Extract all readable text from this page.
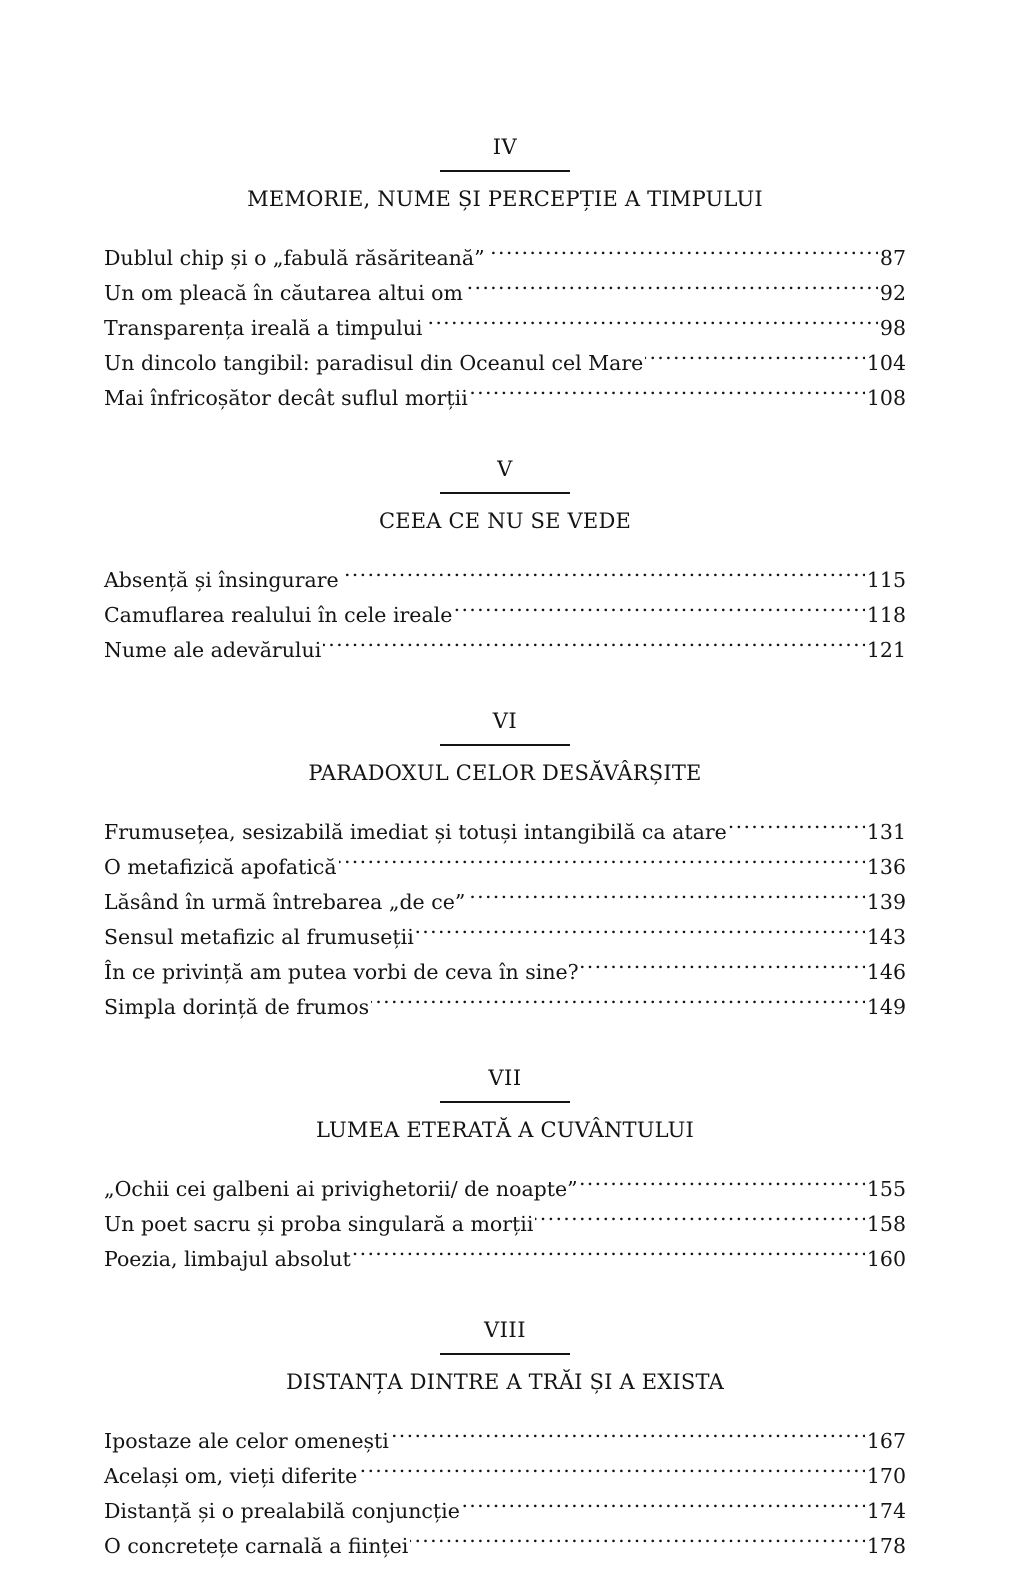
IV
MEMORIE, NUME ȘI PERCEPȚIE A TIMPULUI
Dublul chip și o „fabulă răsăriteană” . . .	87
Un om pleacă în căutarea altui om . . .	92
Transparența ireală a timpului . . .	98
Un dincolo tangibil: paradisul din Oceanul cel Mare . . .	104
Mai înfricoșător decât suflul morții . . .	108
V
CEEA CE NU SE VEDE
Absență și însingurare . . .	115
Camuflarea realului în cele ireale . . .	118
Nume ale adevărului . . .	121
VI
PARADOXUL CELOR DESĂVÂRȘITE
Frumusețea, sesizabilă imediat și totuși intangibilă ca atare . . .	131
O metafizică apofatică . . .	136
Lăsând în urmă întrebarea „de ce” . . .	139
Sensul metafizic al frumuseții . . .	143
În ce privință am putea vorbi de ceva în sine? . . .	146
Simpla dorință de frumos . . .	149
VII
LUMEA ETERATĂ A CUVÂNTULUI
„Ochii cei galbeni ai privighetorii/ de noapte” . . .	155
Un poet sacru și proba singulară a morții . . .	158
Poezia, limbajul absolut . . .	160
VIII
DISTANȚA DINTRE A TRĂI ȘI A EXISTA
Ipostaze ale celor omenești . . .	167
Același om, vieți diferite . . .	170
Distanță și o prealabilă conjuncție . . .	174
O concretețe carnală a ființei . . .	178
